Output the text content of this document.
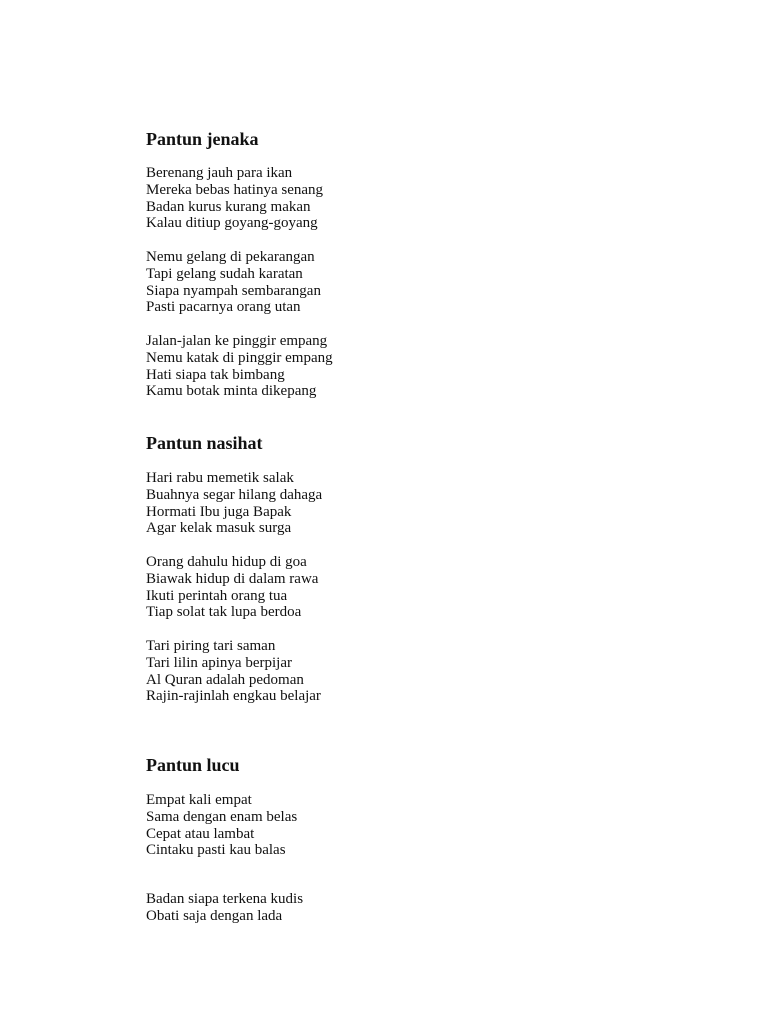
Pantun jenaka
Berenang jauh para ikan
Mereka bebas hatinya senang
Badan kurus kurang makan
Kalau ditiup goyang-goyang
Nemu gelang di pekarangan
Tapi gelang sudah karatan
Siapa nyampah sembarangan
Pasti pacarnya orang utan
Jalan-jalan ke pinggir empang
Nemu katak di pinggir empang
Hati siapa tak bimbang
Kamu botak minta dikepang
Pantun nasihat
Hari rabu memetik salak
Buahnya segar hilang dahaga
Hormati Ibu juga Bapak
Agar kelak masuk surga
Orang dahulu hidup di goa
Biawak hidup di dalam rawa
Ikuti perintah orang tua
Tiap solat tak lupa berdoa
Tari piring tari saman
Tari lilin apinya berpijar
Al Quran adalah pedoman
Rajin-rajinlah engkau belajar
Pantun lucu
Empat kali empat
Sama dengan enam belas
Cepat atau lambat
Cintaku pasti kau balas
Badan siapa terkena kudis
Obati saja dengan lada
